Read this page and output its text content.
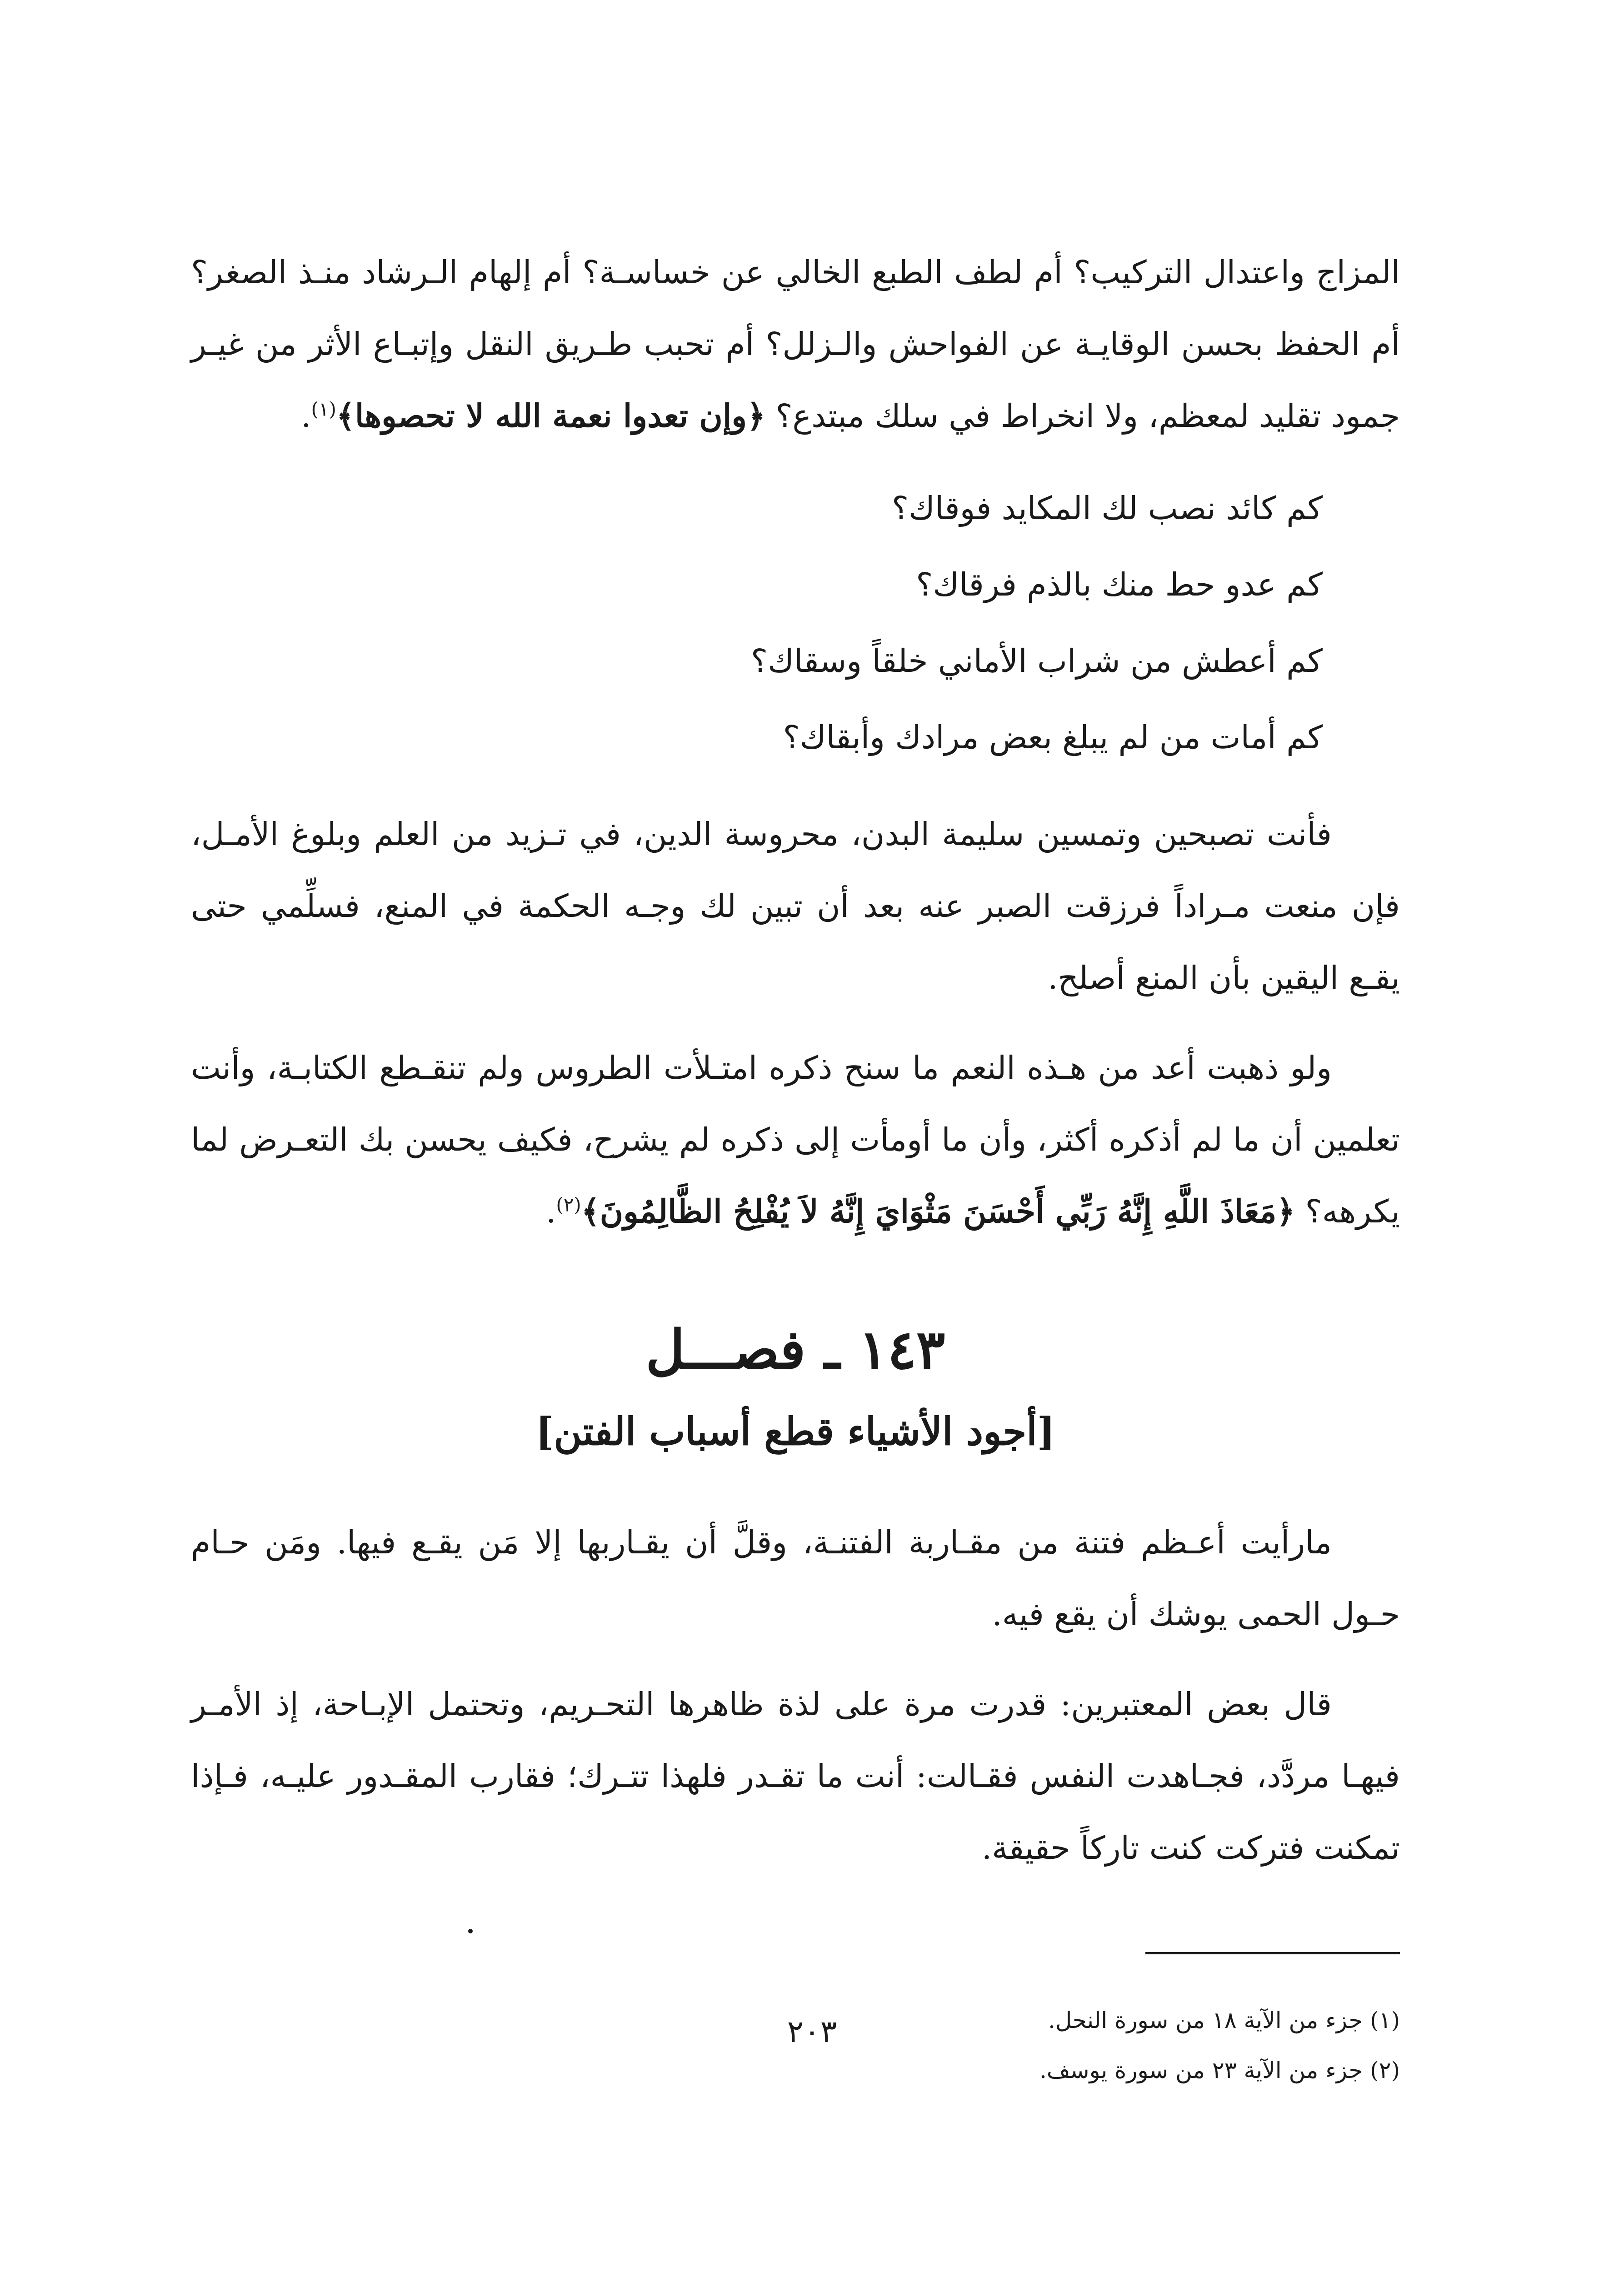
المزاج واعتدال التركيب؟ أم لطف الطبع الخالي عن خساسـة؟ أم إلهام الـرشاد منـذ الصغر؟ أم الحفظ بحسن الوقايـة عن الفواحش والـزلل؟ أم تحبب طـريق النقل وإتبـاع الأثر من غيـر جمود تقليد لمعظم، ولا انخراط في سلك مبتدع؟ ﴿وإن تعدوا نعمة الله لا تحصوها﴾$^{(١)}$.

كم كائد نصب لك المكايد فوقاك؟
كم عدو حط منك بالذم فرقاك؟
كم أعطش من شراب الأماني خلقاً وسقاك؟
كم أمات من لم يبلغ بعض مرادك وأبقاك؟

فأنت تصبحين وتمسين سليمة البدن، محروسة الدين، في تـزيد من العلم وبلوغ الأمـل، فإن منعت مـراداً فرزقت الصبر عنه بعد أن تبين لك وجـه الحكمة في المنع، فسلِّمي حتى يقـع اليقين بأن المنع أصلح.

ولو ذهبت أعد من هـذه النعم ما سنح ذكره امتـلأت الطروس ولم تنقـطع الكتابـة، وأنت تعلمين أن ما لم أذكره أكثر، وأن ما أومأت إلى ذكره لم يشرح، فكيف يحسن بك التعـرض لما يكرهه؟ ﴿مَعَاذَ اللَّهِ إِنَّهُ رَبِّي أَحْسَنَ مَثْوَايَ إِنَّهُ لاَ يُفْلِحُ الظَّالِمُونَ﴾$^{(٢)}$.

١٤٣ ـ فصـــل
[أجود الأشياء قطع أسباب الفتن]

مارأيت أعـظم فتنة من مقـاربة الفتنـة، وقلَّ أن يقـاربها إلا مَن يقـع فيها. ومَن حـام حـول الحمى يوشك أن يقع فيه.

قال بعض المعتبرين: قدرت مرة على لذة ظاهرها التحـريم، وتحتمل الإبـاحة، إذ الأمـر فيهـا مردَّد، فجـاهدت النفس فقـالت: أنت ما تقـدر فلهذا تتـرك؛ فقارب المقـدور عليـه، فـإذا تمكنت فتركت كنت تاركاً حقيقة.

(١) جزء من الآية ١٨ من سورة النحل.
(٢) جزء من الآية ٢٣ من سورة يوسف.
٢٠٣
